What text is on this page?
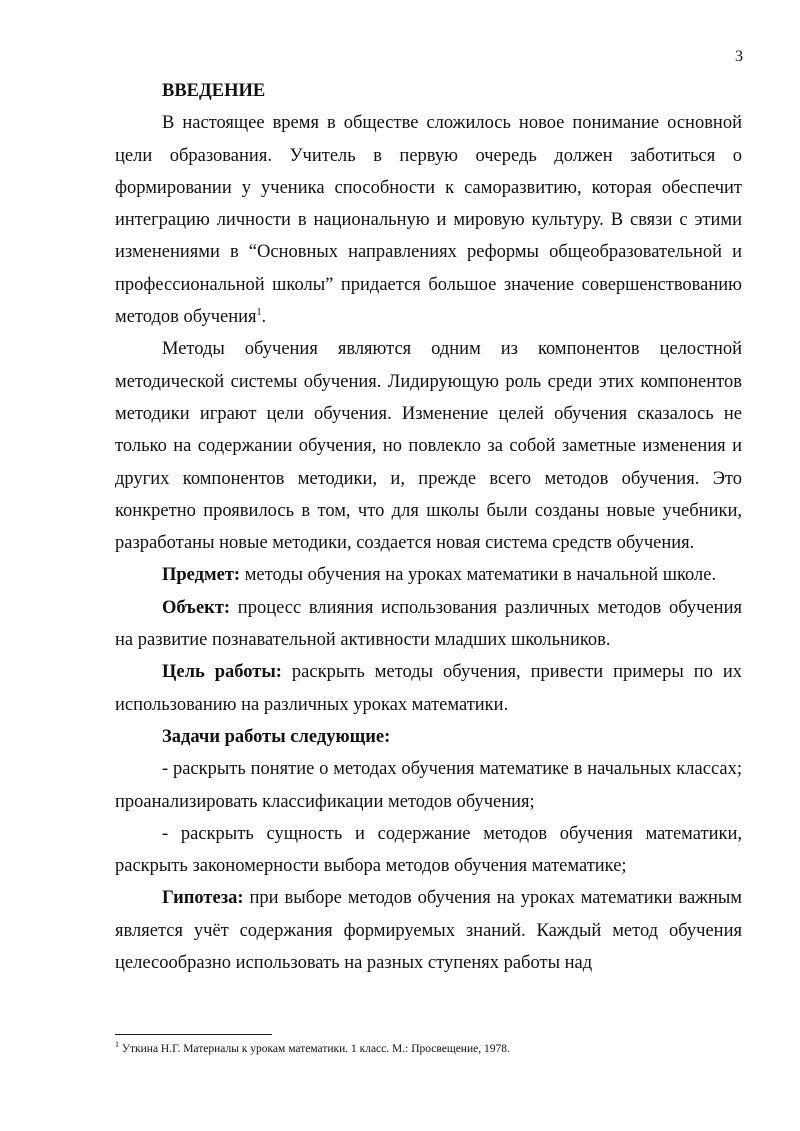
3

ВВЕДЕНИЕ

В настоящее время в обществе сложилось новое понимание основной цели образования. Учитель в первую очередь должен заботиться о формировании у ученика способности к саморазвитию, которая обеспечит интеграцию личности в национальную и мировую культуру. В связи с этими изменениями в “Основных направлениях реформы общеобразовательной и профессиональной школы” придается большое значение совершенствованию методов обучения$^1$.

Методы обучения являются одним из компонентов целостной методической системы обучения. Лидирующую роль среди этих компонентов методики играют цели обучения. Изменение целей обучения сказалось не только на содержании обучения, но повлекло за собой заметные изменения и других компонентов методики, и, прежде всего методов обучения. Это конкретно проявилось в том, что для школы были созданы новые учебники, разработаны новые методики, создается новая система средств обучения.

Предмет: методы обучения на уроках математики в начальной школе.

Объект: процесс влияния использования различных методов обучения на развитие познавательной активности младших школьников.

Цель работы: раскрыть методы обучения, привести примеры по их использованию на различных уроках математики.

Задачи работы следующие:

- раскрыть понятие о методах обучения математике в начальных классах; проанализировать классификации методов обучения;

- раскрыть сущность и содержание методов обучения математики, раскрыть закономерности выбора методов обучения математике;

Гипотеза: при выборе методов обучения на уроках математики важным является учёт содержания формируемых знаний. Каждый метод обучения целесообразно использовать на разных ступенях работы над

$^1$ Уткина Н.Г. Материалы к урокам математики. 1 класс. М.: Просвещение, 1978.
